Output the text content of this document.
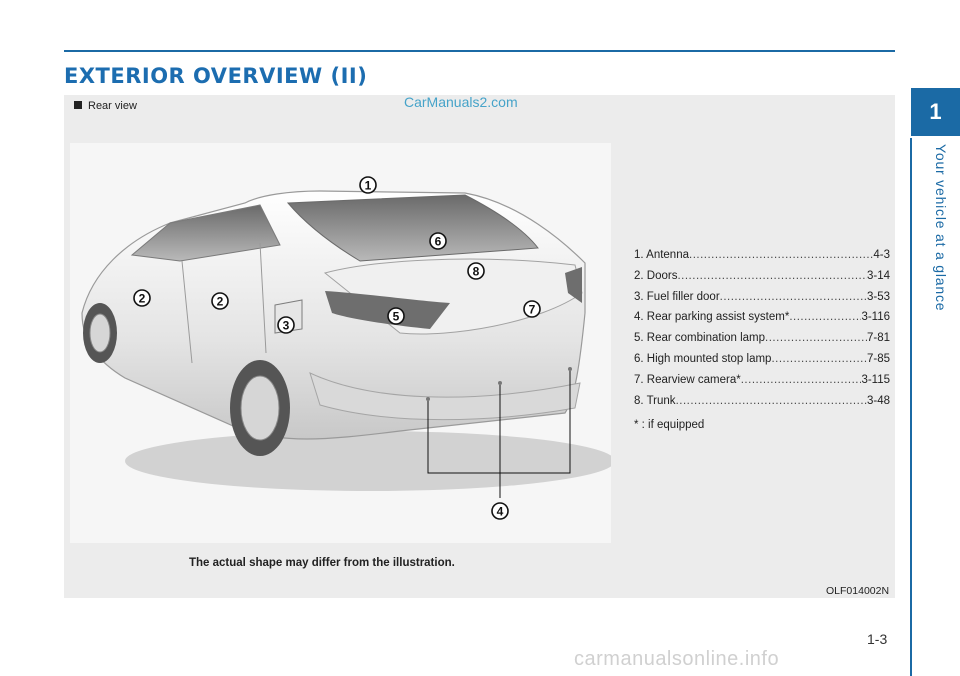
EXTERIOR OVERVIEW (II)
1
Your vehicle at a glance
Rear view	CarManuals2.com
1
2	2
3
4
5
6
7
8
1. Antenna .....	4-3
2. Doors .....	3-14
3. Fuel filler door .....	3-53
4. Rear parking assist system* .....	3-116
5. Rear combination lamp .....	7-81
6. High mounted stop lamp .....	7-85
7. Rearview camera* .....	3-115
8. Trunk .....	3-48
* : if equipped
The actual shape may differ from the illustration.
OLF014002N
1-3
carmanualsonline.info
